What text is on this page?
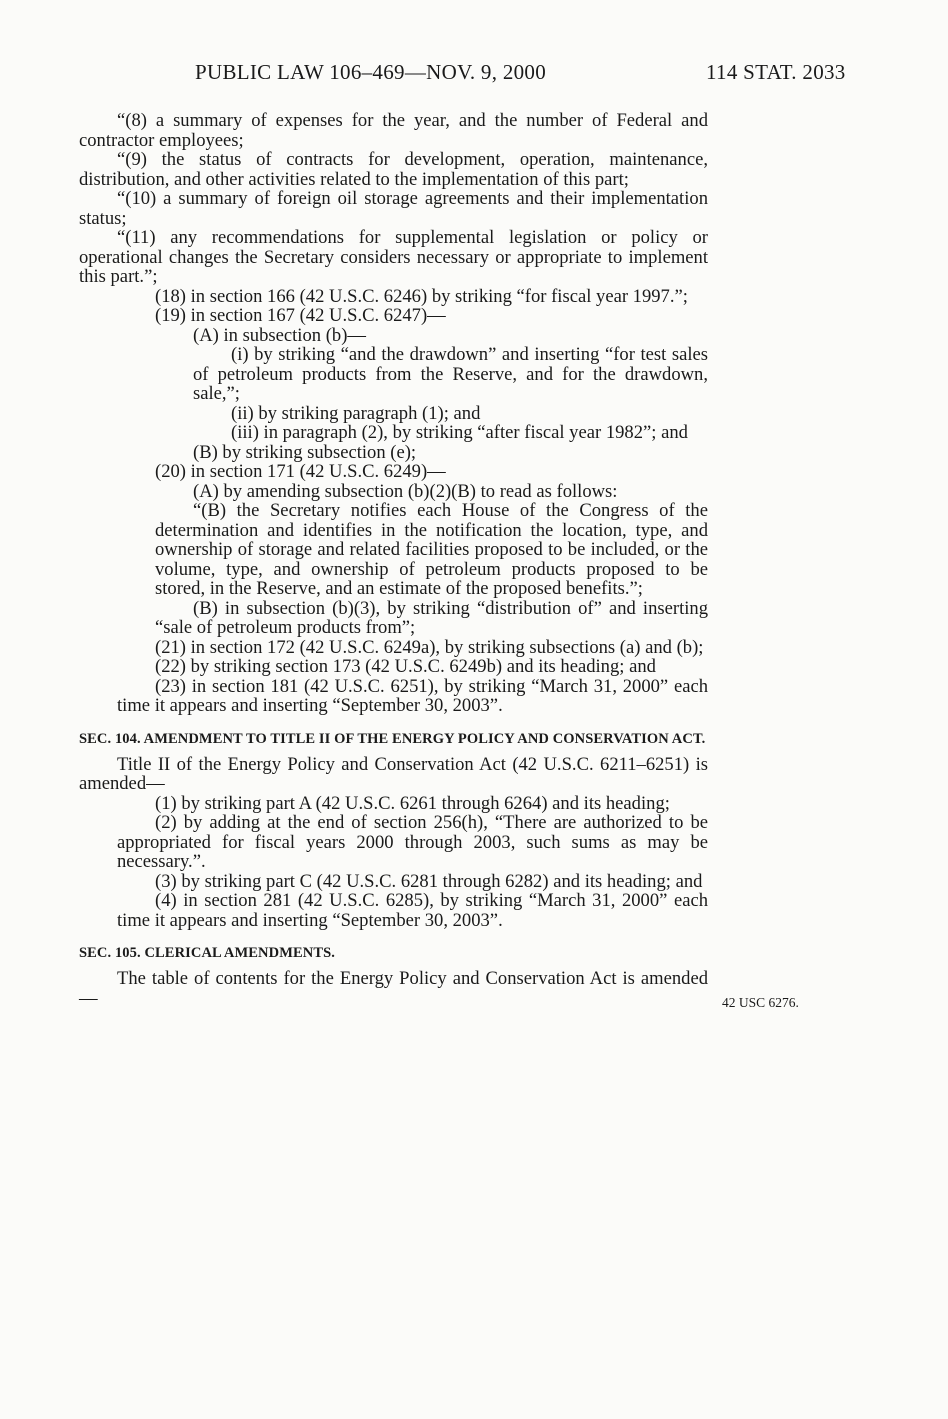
PUBLIC LAW 106–469—NOV. 9, 2000	114 STAT. 2033

“(8) a summary of expenses for the year, and the number of Federal and contractor employees;

“(9) the status of contracts for development, operation, maintenance, distribution, and other activities related to the implementation of this part;

“(10) a summary of foreign oil storage agreements and their implementation status;

“(11) any recommendations for supplemental legislation or policy or operational changes the Secretary considers necessary or appropriate to implement this part.”;

(18) in section 166 (42 U.S.C. 6246) by striking “for fiscal year 1997.”;

(19) in section 167 (42 U.S.C. 6247)—

(A) in subsection (b)—

(i) by striking “and the drawdown” and inserting “for test sales of petroleum products from the Reserve, and for the drawdown, sale,”;

(ii) by striking paragraph (1); and

(iii) in paragraph (2), by striking “after fiscal year 1982”; and

(B) by striking subsection (e);

(20) in section 171 (42 U.S.C. 6249)—

(A) by amending subsection (b)(2)(B) to read as follows:

“(B) the Secretary notifies each House of the Congress of the determination and identifies in the notification the location, type, and ownership of storage and related facilities proposed to be included, or the volume, type, and ownership of petroleum products proposed to be stored, in the Reserve, and an estimate of the proposed benefits.”;

(B) in subsection (b)(3), by striking “distribution of” and inserting “sale of petroleum products from”;

(21) in section 172 (42 U.S.C. 6249a), by striking subsections (a) and (b);

(22) by striking section 173 (42 U.S.C. 6249b) and its heading; and

(23) in section 181 (42 U.S.C. 6251), by striking “March 31, 2000” each time it appears and inserting “September 30, 2003”.

SEC. 104. AMENDMENT TO TITLE II OF THE ENERGY POLICY AND CONSERVATION ACT.

Title II of the Energy Policy and Conservation Act (42 U.S.C. 6211–6251) is amended—

(1) by striking part A (42 U.S.C. 6261 through 6264) and its heading;

(2) by adding at the end of section 256(h), “There are authorized to be appropriated for fiscal years 2000 through 2003, such sums as may be necessary.”.

(3) by striking part C (42 U.S.C. 6281 through 6282) and its heading; and

(4) in section 281 (42 U.S.C. 6285), by striking “March 31, 2000” each time it appears and inserting “September 30, 2003”.

SEC. 105. CLERICAL AMENDMENTS.

The table of contents for the Energy Policy and Conservation Act is amended—	42 USC 6276.
